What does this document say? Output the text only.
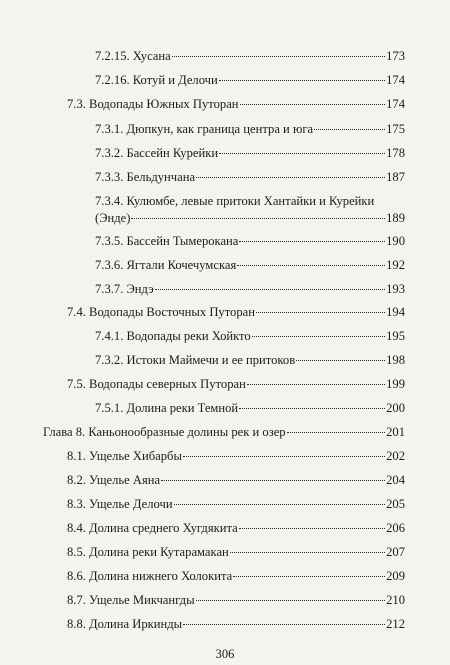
7.2.15. Хусана	173
7.2.16. Котуй и Делочи	174
7.3. Водопады Южных Путоран	174
7.3.1. Дюпкун, как граница центра и юга	175
7.3.2. Бассейн Курейки	178
7.3.3. Бельдунчана	187
7.3.4. Кулюмбе, левые притоки Хантайки и Курейки
(Энде)	189
7.3.5. Бассейн Тымерокана	190
7.3.6. Ягтали Кочечумская	192
7.3.7. Эндэ	193
7.4. Водопады Восточных Путоран	194
7.4.1. Водопады реки Хойкто	195
7.3.2. Истоки Маймечи и ее притоков	198
7.5. Водопады северных Путоран	199
7.5.1. Долина реки Темной	200
Глава 8. Каньонообразные долины рек и озер	201
8.1. Ущелье Хибарбы	202
8.2. Ущелье Аяна	204
8.3. Ущелье Делочи	205
8.4. Долина среднего Хугдякита	206
8.5. Долина реки Кутарамакан	207
8.6. Долина нижнего Холокита	209
8.7. Ущелье Микчангды	210
8.8. Долина Иркинды	212
306
